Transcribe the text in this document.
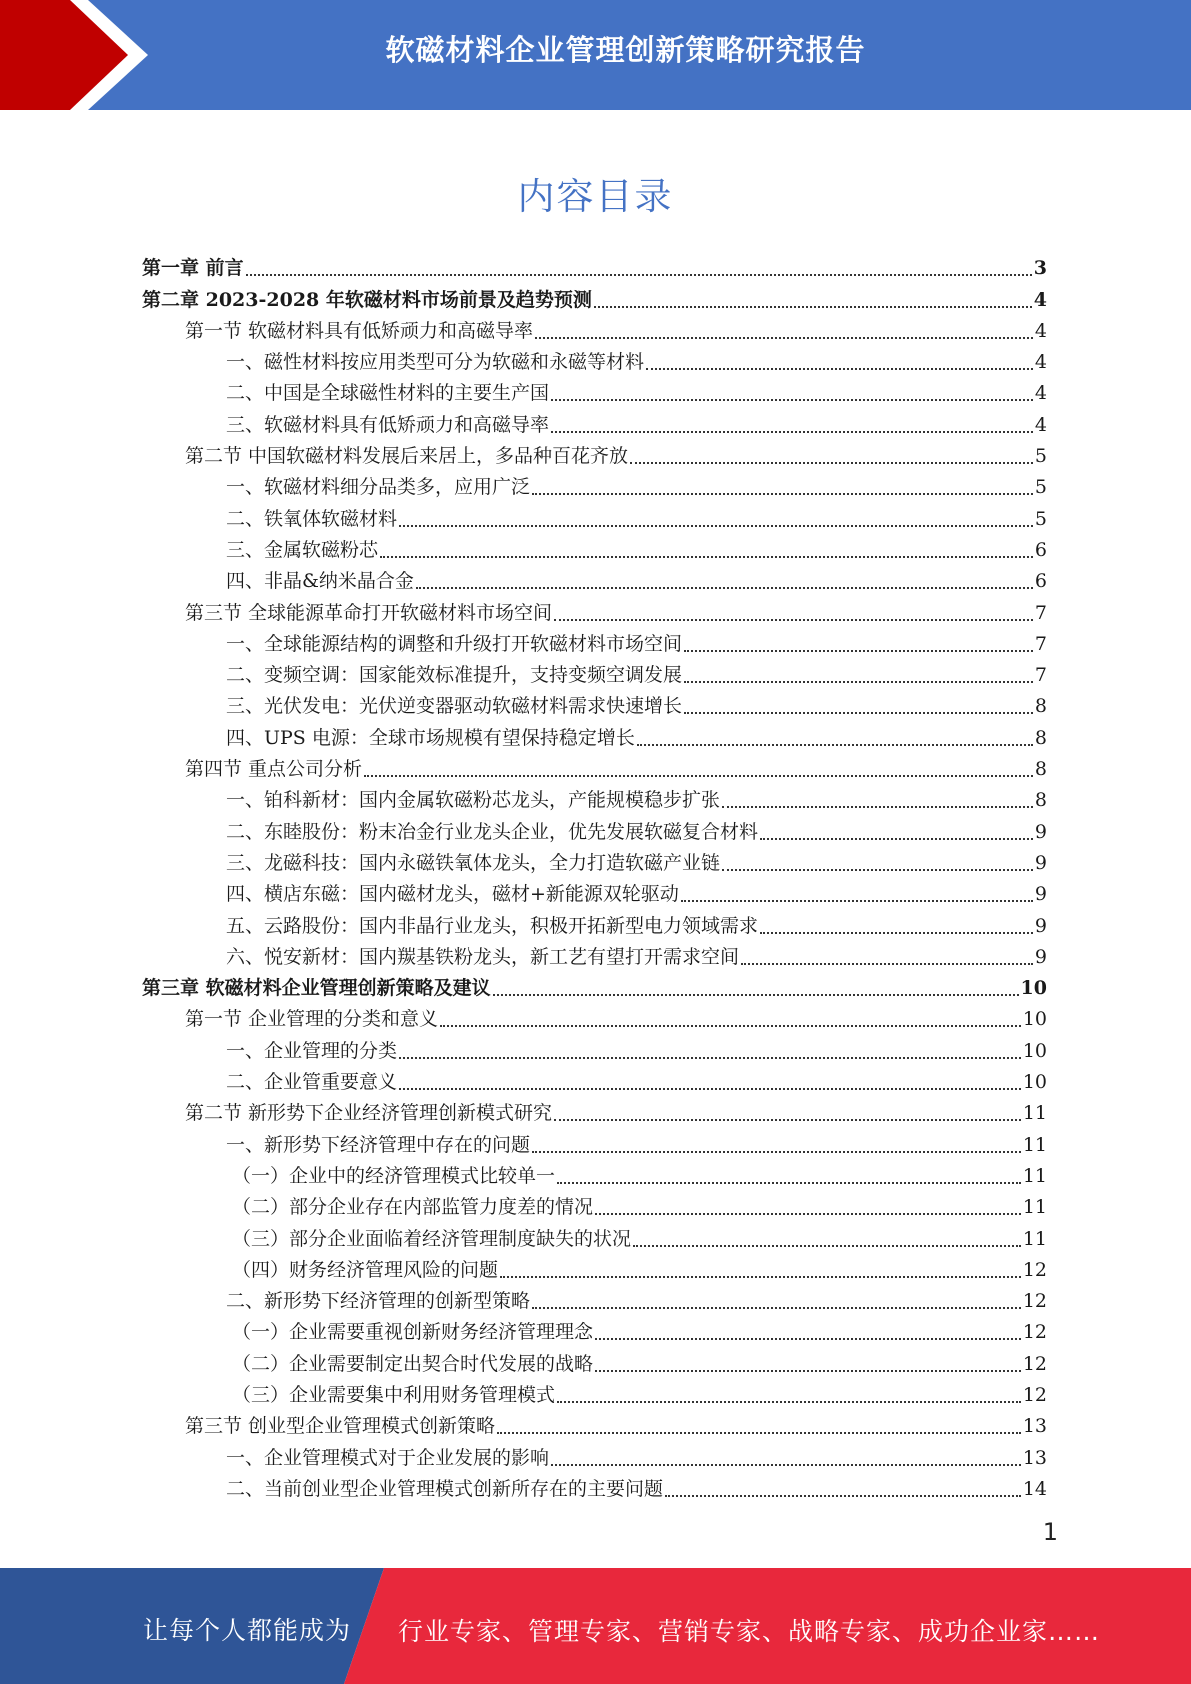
软磁材料企业管理创新策略研究报告
内容目录
第一章 前言	3
第二章 2023-2028 年软磁材料市场前景及趋势预测	4
第一节 软磁材料具有低矫顽力和高磁导率	4
一、磁性材料按应用类型可分为软磁和永磁等材料	4
二、中国是全球磁性材料的主要生产国	4
三、软磁材料具有低矫顽力和高磁导率	4
第二节 中国软磁材料发展后来居上，多品种百花齐放	5
一、软磁材料细分品类多，应用广泛	5
二、铁氧体软磁材料	5
三、金属软磁粉芯	6
四、非晶&纳米晶合金	6
第三节 全球能源革命打开软磁材料市场空间	7
一、全球能源结构的调整和升级打开软磁材料市场空间	7
二、变频空调：国家能效标准提升，支持变频空调发展	7
三、光伏发电：光伏逆变器驱动软磁材料需求快速增长	8
四、UPS 电源：全球市场规模有望保持稳定增长	8
第四节 重点公司分析	8
一、铂科新材：国内金属软磁粉芯龙头，产能规模稳步扩张	8
二、东睦股份：粉末冶金行业龙头企业，优先发展软磁复合材料	9
三、龙磁科技：国内永磁铁氧体龙头，全力打造软磁产业链	9
四、横店东磁：国内磁材龙头，磁材+新能源双轮驱动	9
五、云路股份：国内非晶行业龙头，积极开拓新型电力领域需求	9
六、悦安新材：国内羰基铁粉龙头，新工艺有望打开需求空间	9
第三章 软磁材料企业管理创新策略及建议	10
第一节 企业管理的分类和意义	10
一、企业管理的分类	10
二、企业管重要意义	10
第二节 新形势下企业经济管理创新模式研究	11
一、新形势下经济管理中存在的问题	11
（一）企业中的经济管理模式比较单一	11
（二）部分企业存在内部监管力度差的情况	11
（三）部分企业面临着经济管理制度缺失的状况	11
（四）财务经济管理风险的问题	12
二、新形势下经济管理的创新型策略	12
（一）企业需要重视创新财务经济管理理念	12
（二）企业需要制定出契合时代发展的战略	12
（三）企业需要集中利用财务管理模式	12
第三节 创业型企业管理模式创新策略	13
一、企业管理模式对于企业发展的影响	13
二、当前创业型企业管理模式创新所存在的主要问题	14
1
让每个人都能成为 行业专家、管理专家、营销专家、战略专家、成功企业家……
